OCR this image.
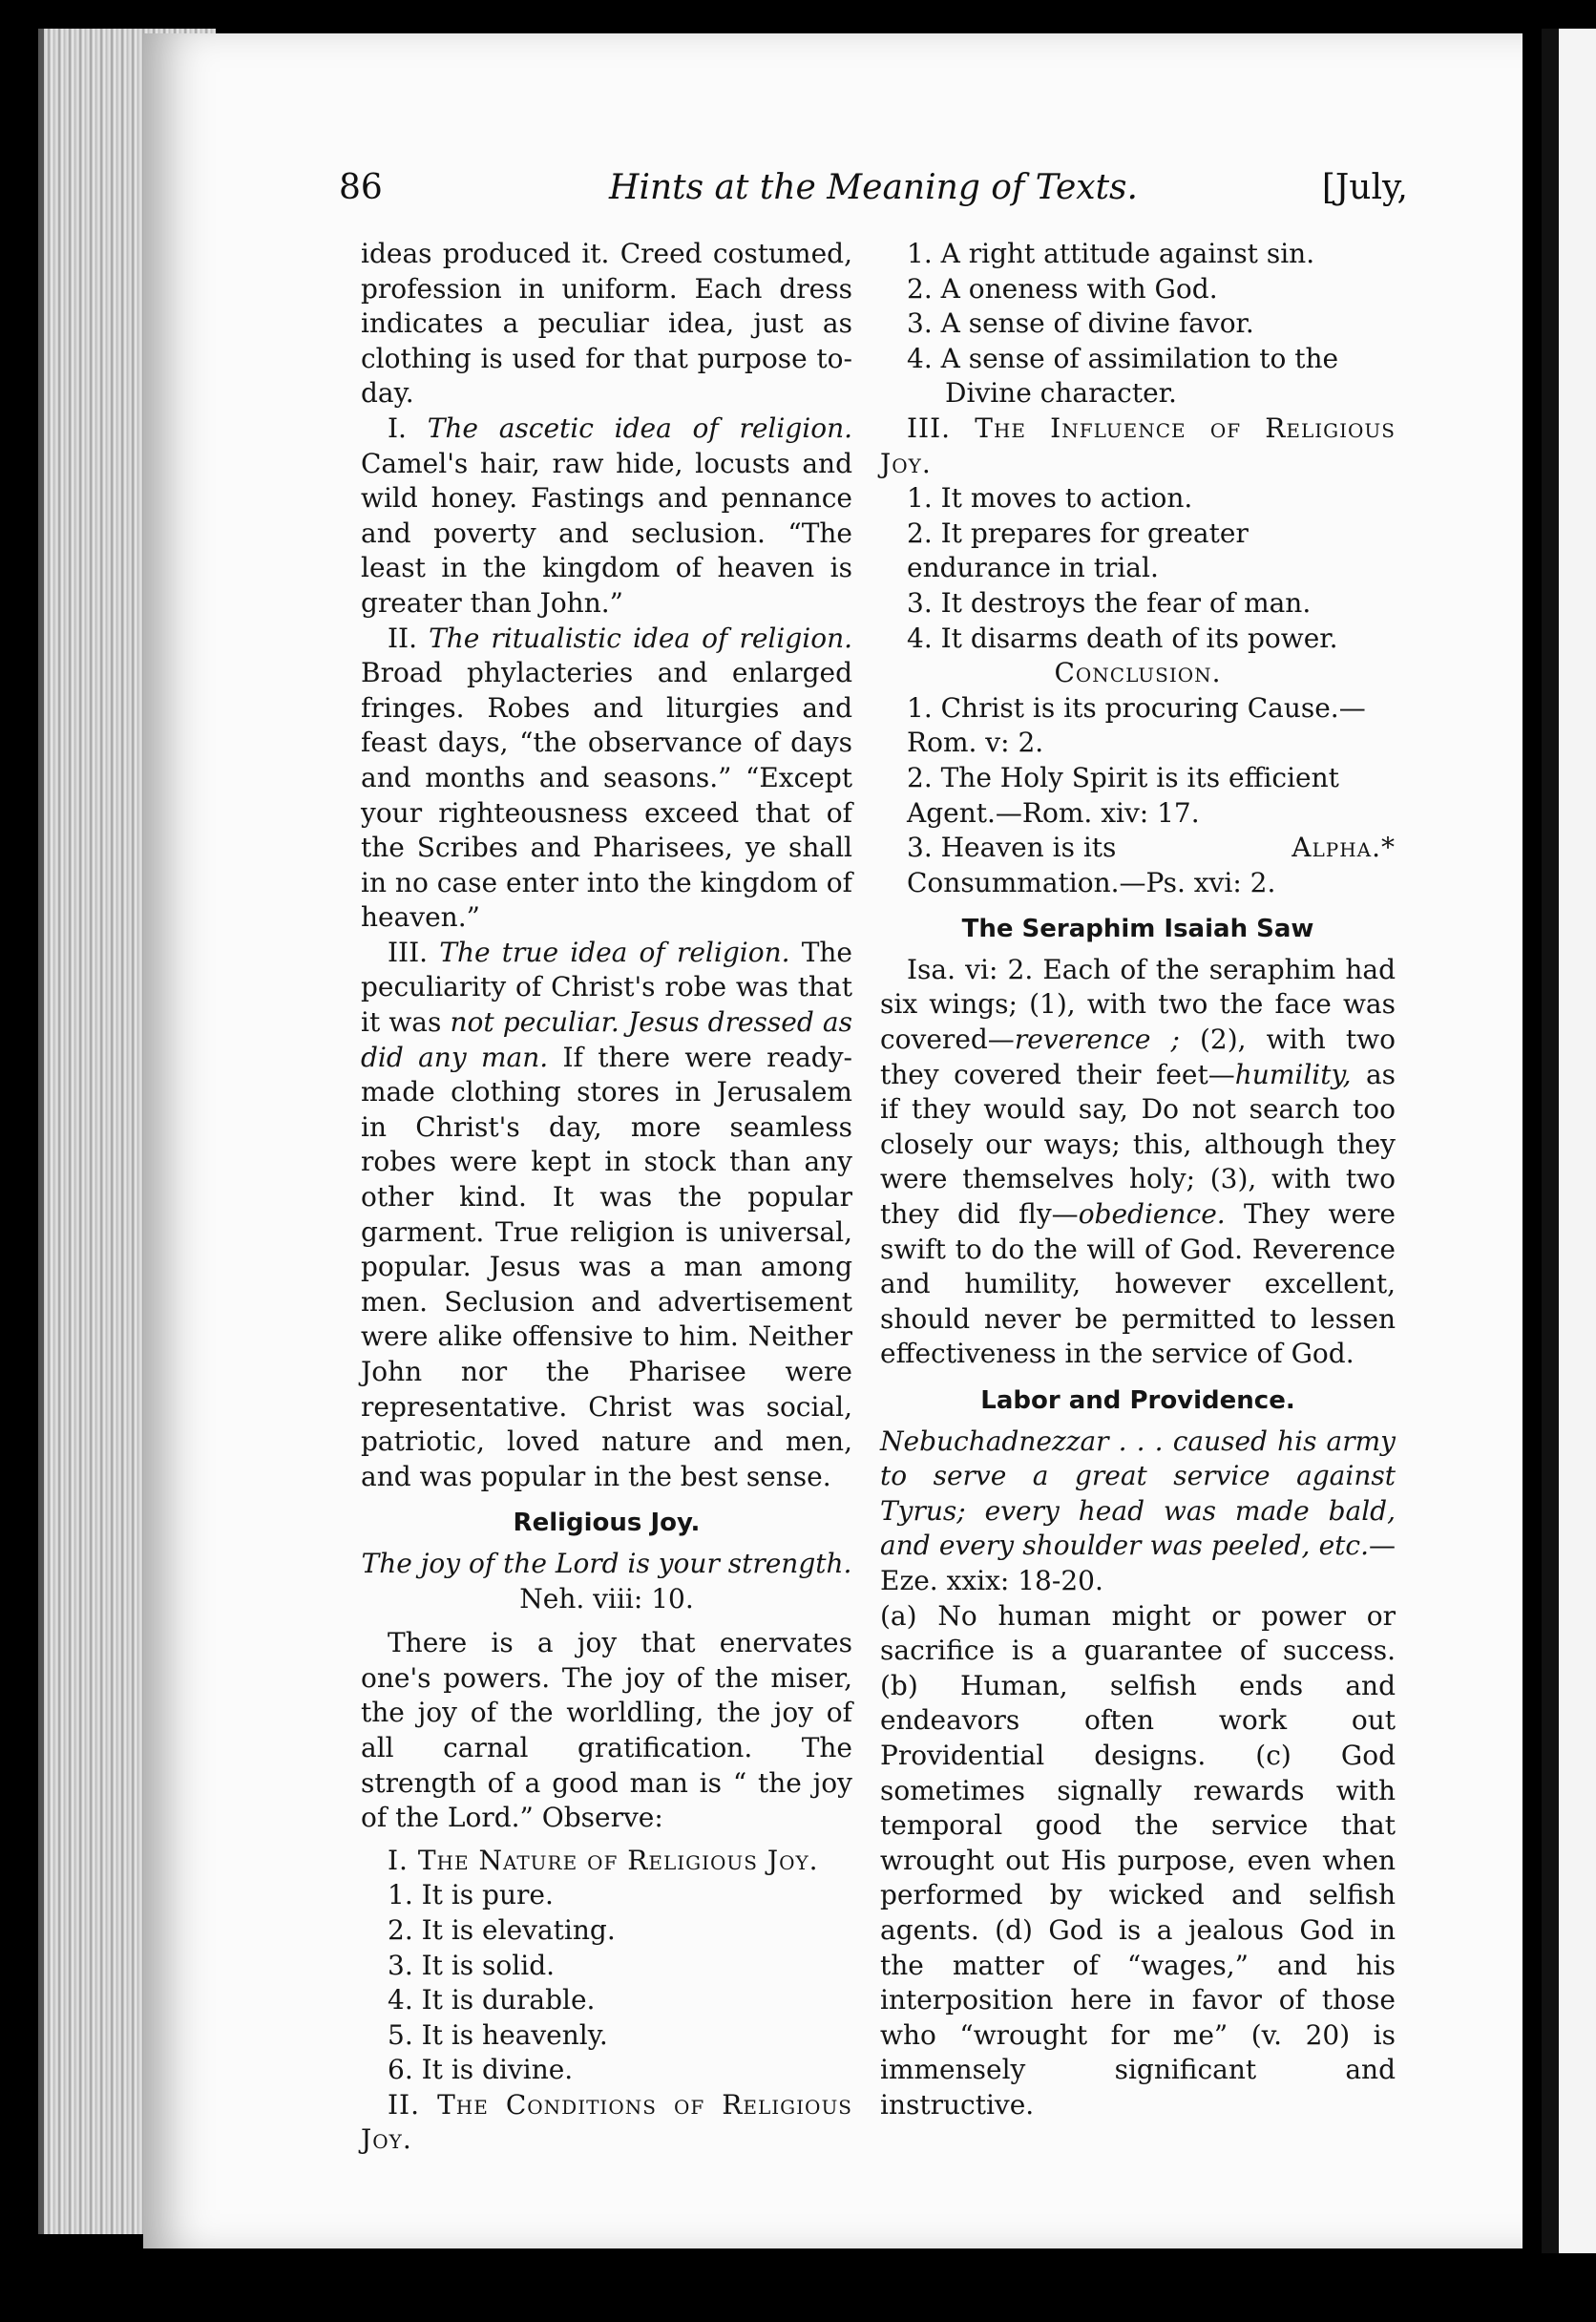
86	Hints at the Meaning of Texts.	[July,

ideas produced it. Creed costumed, profession in uniform. Each dress indicates a peculiar idea, just as clothing is used for that purpose to-day.

I. The ascetic idea of religion. Camel's hair, raw hide, locusts and wild honey. Fastings and pennance and poverty and seclusion. “The least in the kingdom of heaven is greater than John.”

II. The ritualistic idea of religion. Broad phylacteries and enlarged fringes. Robes and liturgies and feast days, “the observance of days and months and seasons.” “Except your righteousness exceed that of the Scribes and Pharisees, ye shall in no case enter into the kingdom of heaven.”

III. The true idea of religion. The peculiarity of Christ's robe was that it was not peculiar. Jesus dressed as did any man. If there were ready-made clothing stores in Jerusalem in Christ's day, more seamless robes were kept in stock than any other kind. It was the popular garment. True religion is universal, popular. Jesus was a man among men. Seclusion and advertisement were alike offensive to him. Neither John nor the Pharisee were representative. Christ was social, patriotic, loved nature and men, and was popular in the best sense.

Religious Joy.

The joy of the Lord is your strength.

Neh. viii: 10.

There is a joy that enervates one's powers. The joy of the miser, the joy of the worldling, the joy of all carnal gratification. The strength of a good man is “ the joy of the Lord.” Observe:

I. The Nature of Religious Joy.

1. It is pure.
2. It is elevating.
3. It is solid.
4. It is durable.
5. It is heavenly.
6. It is divine.

II. The Conditions of Religious Joy.

1. A right attitude against sin.
2. A oneness with God.
3. A sense of divine favor.
4. A sense of assimilation to the Divine character.

III. The Influence of Religious Joy.

1. It moves to action.
2. It prepares for greater endurance in trial.
3. It destroys the fear of man.
4. It disarms death of its power.

Conclusion.

1. Christ is its procuring Cause.—Rom. v: 2.
2. The Holy Spirit is its efficient Agent.—Rom. xiv: 17.
3. Heaven is its Consummation.—Ps. xvi: 2.
Alpha.*
The Seraphim Isaiah Saw

Isa. vi: 2. Each of the seraphim had six wings; (1), with two the face was covered—reverence ; (2), with two they covered their feet—humility, as if they would say, Do not search too closely our ways; this, although they were themselves holy; (3), with two they did fly—obedience. They were swift to do the will of God. Reverence and humility, however excellent, should never be permitted to lessen effectiveness in the service of God.

Labor and Providence.

Nebuchadnezzar . . . caused his army to serve a great service against Tyrus; every head was made bald, and every shoulder was peeled, etc.—Eze. xxix: 18-20.

(a) No human might or power or sacrifice is a guarantee of success. (b) Human, selfish ends and endeavors often work out Providential designs. (c) God sometimes signally rewards with temporal good the service that wrought out His purpose, even when performed by wicked and selfish agents. (d) God is a jealous God in the matter of “wages,” and his interposition here in favor of those who “wrought for me” (v. 20) is immensely significant and instructive.
